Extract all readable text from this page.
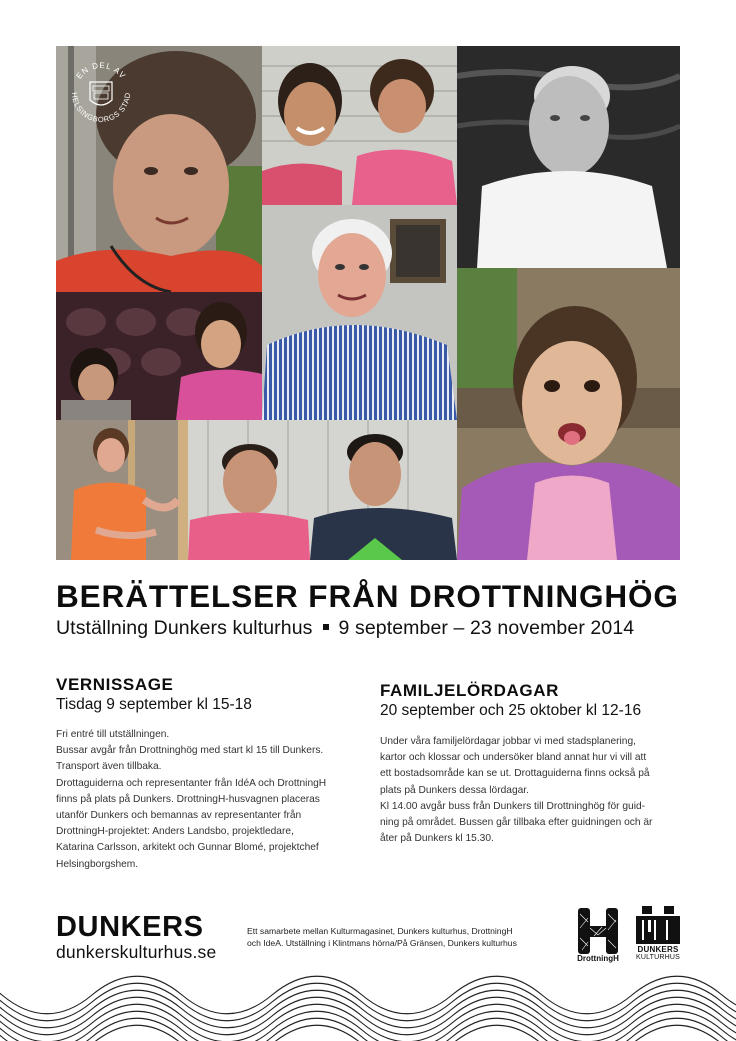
EN DEL AV
HELSINGBORGS STAD
BERÄTTELSER FRÅN DROTTNINGHÖG
Utställning Dunkers kulturhus 9 september – 23 november 2014
VERNISSAGE
Tisdag 9 september kl 15-18

Fri entré till utställningen.
Bussar avgår från Drottninghög med start kl 15 till Dunkers.
Transport även tillbaka.
Drottaguiderna och representanter från IdéA och DrottningH
finns på plats på Dunkers. DrottningH-husvagnen placeras
utanför Dunkers och bemannas av representanter från
DrottningH-projektet: Anders Landsbo, projektledare,
Katarina Carlsson, arkitekt och Gunnar Blomé, projektchef
Helsingborgshem.

FAMILJELÖRDAGAR
20 september och 25 oktober kl 12-16

Under våra familjelördagar jobbar vi med stadsplanering,
kartor och klossar och undersöker bland annat hur vi vill att
ett bostadsområde kan se ut. Drottaguiderna finns också på
plats på Dunkers dessa lördagar.
Kl 14.00 avgår buss från Dunkers till Drottninghög för guid-
ning på området. Bussen går tillbaka efter guidningen och är
åter på Dunkers kl 15.30.

DUNKERS
dunkerskulturhus.se
Ett samarbete mellan Kulturmagasinet, Dunkers kulturhus, DrottningH
och IdeA. Utställning i Klintmans hörna/På Gränsen, Dunkers kulturhus
DrottningH
DUNKERS
KULTURHUS
